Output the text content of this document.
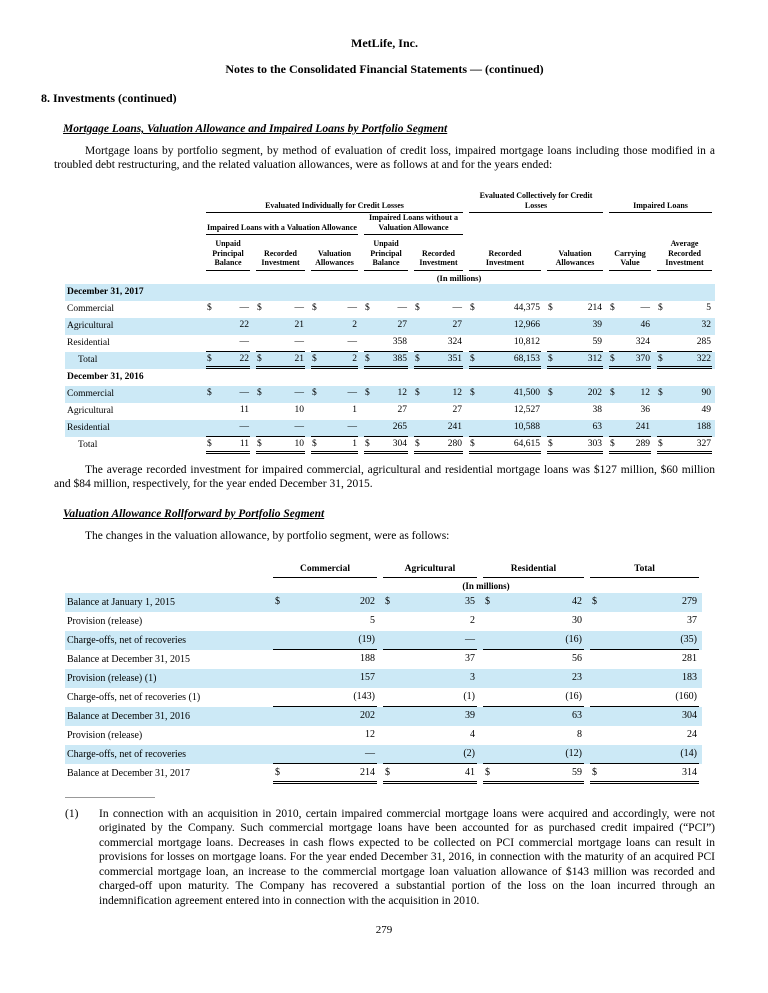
MetLife, Inc.
Notes to the Consolidated Financial Statements — (continued)
8. Investments (continued)
Mortgage Loans, Valuation Allowance and Impaired Loans by Portfolio Segment

Mortgage loans by portfolio segment, by method of evaluation of credit loss, impaired mortgage loans including those modified in a troubled debt restructuring, and the related valuation allowances, were as follows at and for the years ended:

	Evaluated Individually for Credit Losses					Evaluated Collectively for Credit Losses		Impaired Loans	

	Impaired Loans with a Valuation Allowance			Impaired Loans without a Valuation Allowance					

	Unpaid Principal Balance	Recorded Investment	Valuation Allowances	Unpaid Principal Balance	Recorded Investment	Recorded Investment	Valuation Allowances	Carrying Value	Average Recorded Investment

	(In millions)								
December 31, 2017									
Commercial	$ —	$ —	$ —	$ —	$ —	$ 44,375	$ 214	$ —	$ 5

Agricultural	22	21	2	27	27	12,966	39	46	32

Residential	—	—	—	358	324	10,812	59	324	285

Total	$ 22	$ 21	$ 2	$ 385	$ 351	$ 68,153	$ 312	$ 370	$ 322

December 31, 2016									
Commercial	$ —	$ —	$ —	$ 12	$ 12	$ 41,500	$ 202	$ 12	$ 90

Agricultural	11	10	1	27	27	12,527	38	36	49

Residential	—	—	—	265	241	10,588	63	241	188

Total	$ 11	$ 10	$ 1	$ 304	$ 280	$ 64,615	$ 303	$ 289	$ 327

The average recorded investment for impaired commercial, agricultural and residential mortgage loans was $127 million, $60 million and $84 million, respectively, for the year ended December 31, 2015.

Valuation Allowance Rollforward by Portfolio Segment

The changes in the valuation allowance, by portfolio segment, were as follows:

	Commercial	Agricultural	Residential	Total

	(In millions)			
Balance at January 1, 2015	$ 202	$ 35	$ 42	$ 279

Provision (release)	5	2	30	37

Charge-offs, net of recoveries	(19)	—	(16)	(35)

Balance at December 31, 2015	188	37	56	281

Provision (release) (1)	157	3	23	183

Charge-offs, net of recoveries (1)	(143)	(1)	(16)	(160)

Balance at December 31, 2016	202	39	63	304

Provision (release)	12	4	8	24

Charge-offs, net of recoveries	—	(2)	(12)	(14)

Balance at December 31, 2017	$ 214	$ 41	$ 59	$ 314
(1)	In connection with an acquisition in 2010, certain impaired commercial mortgage loans were acquired and accordingly, were not originated by the Company. Such commercial mortgage loans have been accounted for as purchased credit impaired (“PCI”) commercial mortgage loans. Decreases in cash flows expected to be collected on PCI commercial mortgage loans can result in provisions for losses on mortgage loans. For the year ended December 31, 2016, in connection with the maturity of an acquired PCI commercial mortgage loan, an increase to the commercial mortgage loan valuation allowance of $143 million was recorded and charged-off upon maturity. The Company has recovered a substantial portion of the loss on the loan incurred through an indemnification agreement entered into in connection with the acquisition in 2010.
279
